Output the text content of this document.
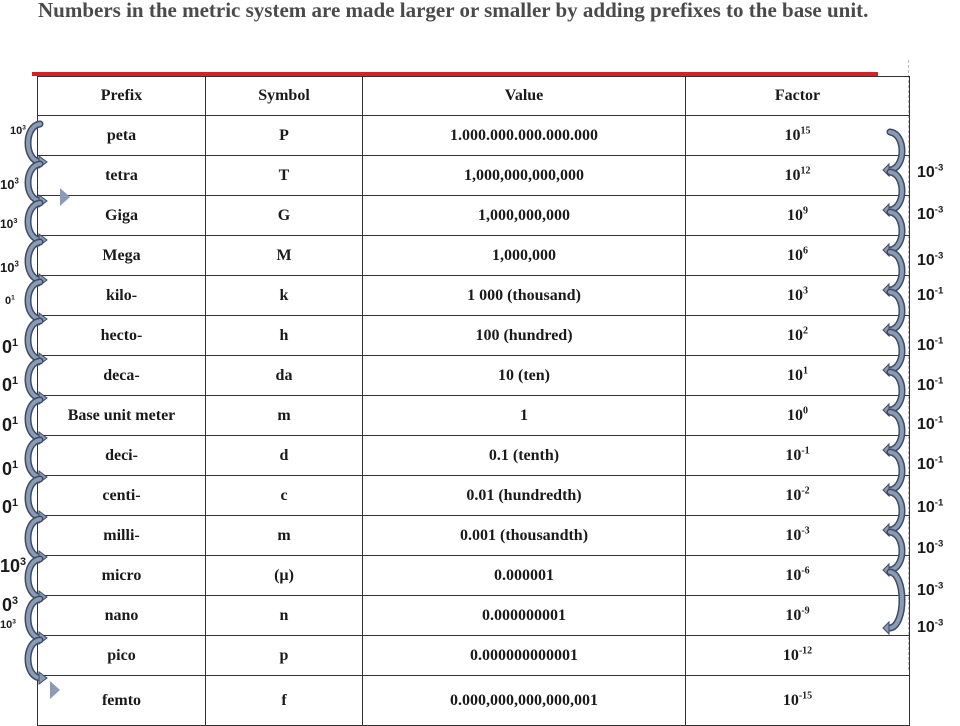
Numbers in the metric system are made larger or smaller by adding prefixes to the base unit.
Prefix	Symbol	Value	Factor
peta	P	1.000.000.000.000.000	$10^{15}$
tetra	T	1,000,000,000,000	$10^{12}$
Giga	G	1,000,000,000	$10^9$
Mega	M	1,000,000	$10^6$
kilo-	k	1 000 (thousand)	$10^3$
hecto-	h	100 (hundred)	$10^2$
deca-	da	10 (ten)	$10^1$
Base unit meter	m	1	$10^0$
deci-	d	0.1 (tenth)	$10^{-1}$
centi-	c	0.01 (hundredth)	$10^{-2}$
milli-	m	0.001 (thousandth)	$10^{-3}$
micro	(µ)	0.000001	$10^{-6}$
nano	n	0.000000001	$10^{-9}$
pico	p	0.000000000001	$10^{-12}$
femto	f	0.000,000,000,000,001	$10^{-15}$
$10^3$
$10^3$
$10^3$
$10^3$
$0^1$
$0^1$
$0^1$
$0^1$
$0^1$
$0^1$
$10^3$
$0^3$
$10^3$
$10^{-3}$
$10^{-3}$
$10^{-3}$
$10^{-1}$
$10^{-1}$
$10^{-1}$
$10^{-1}$
$10^{-1}$
$10^{-1}$
$10^{-3}$
$10^{-3}$
$10^{-3}$
